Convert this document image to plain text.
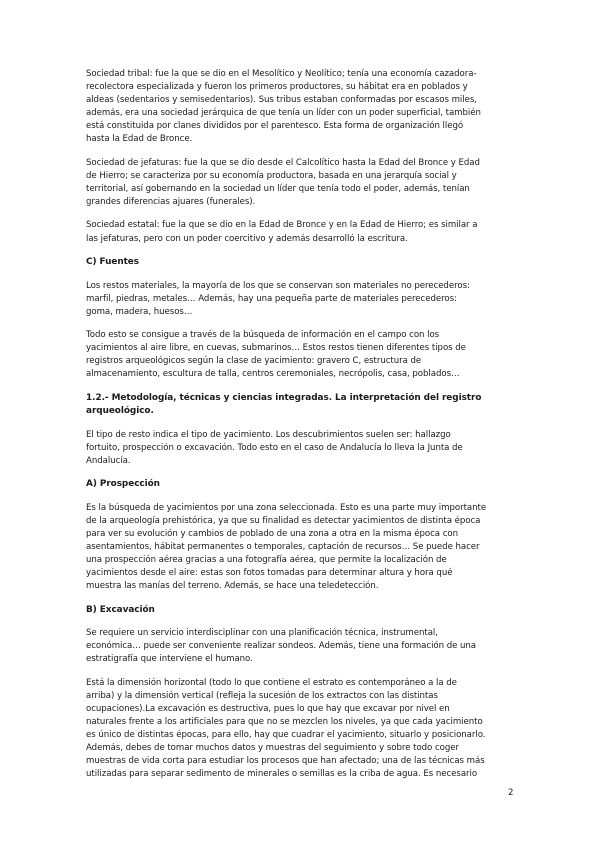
Sociedad tribal: fue la que se dio en el Mesolítico y Neolítico; tenía una economía cazadora-
recolectora especializada y fueron los primeros productores, su hábitat era en poblados y
aldeas (sedentarios y semisedentarios). Sus tribus estaban conformadas por escasos miles,
además, era una sociedad jerárquica de que tenía un líder con un poder superficial, también
está constituida por clanes divididos por el parentesco. Esta forma de organización llegó
hasta la Edad de Bronce.
Sociedad de jefaturas: fue la que se dio desde el Calcolítico hasta la Edad del Bronce y Edad
de Hierro; se caracteriza por su economía productora, basada en una jerarquía social y
territorial, así gobernando en la sociedad un líder que tenía todo el poder, además, tenían
grandes diferencias ajuares (funerales).
Sociedad estatal: fue la que se dio en la Edad de Bronce y en la Edad de Hierro; es similar a
las jefaturas, pero con un poder coercitivo y además desarrolló la escritura.
C) Fuentes
Los restos materiales, la mayoría de los que se conservan son materiales no perecederos:
marfil, piedras, metales… Además, hay una pequeña parte de materiales perecederos:
goma, madera, huesos…
Todo esto se consigue a través de la búsqueda de información en el campo con los
yacimientos al aire libre, en cuevas, submarinos… Estos restos tienen diferentes tipos de
registros arqueológicos según la clase de yacimiento: gravero C, estructura de
almacenamiento, escultura de talla, centros ceremoniales, necrópolis, casa, poblados…
1.2.- Metodología, técnicas y ciencias integradas. La interpretación del registro
arqueológico.
El tipo de resto indica el tipo de yacimiento. Los descubrimientos suelen ser: hallazgo
fortuito, prospección o excavación. Todo esto en el caso de Andalucía lo lleva la Junta de
Andalucía.
A) Prospección
Es la búsqueda de yacimientos por una zona seleccionada. Esto es una parte muy importante
de la arqueología prehistórica, ya que su finalidad es detectar yacimientos de distinta época
para ver su evolución y cambios de poblado de una zona a otra en la misma época con
asentamientos, hábitat permanentes o temporales, captación de recursos… Se puede hacer
una prospección aérea gracias a una fotografía aérea, que permite la localización de
yacimientos desde el aire: estas son fotos tomadas para determinar altura y hora qué
muestra las manías del terreno. Además, se hace una teledetección.
B) Excavación
Se requiere un servicio interdisciplinar con una planificación técnica, instrumental,
económica… puede ser conveniente realizar sondeos. Además, tiene una formación de una
estratigrafía que interviene el humano.
Está la dimensión horizontal (todo lo que contiene el estrato es contemporáneo a la de
arriba) y la dimensión vertical (refleja la sucesión de los extractos con las distintas
ocupaciones).La excavación es destructiva, pues lo que hay que excavar por nivel en
naturales frente a los artificiales para que no se mezclen los niveles, ya que cada yacimiento
es único de distintas épocas, para ello, hay que cuadrar el yacimiento, situarlo y posicionarlo.
Además, debes de tomar muchos datos y muestras del seguimiento y sobre todo coger
muestras de vida corta para estudiar los procesos que han afectado; una de las técnicas más
utilizadas para separar sedimento de minerales o semillas es la criba de agua. Es necesario
2
